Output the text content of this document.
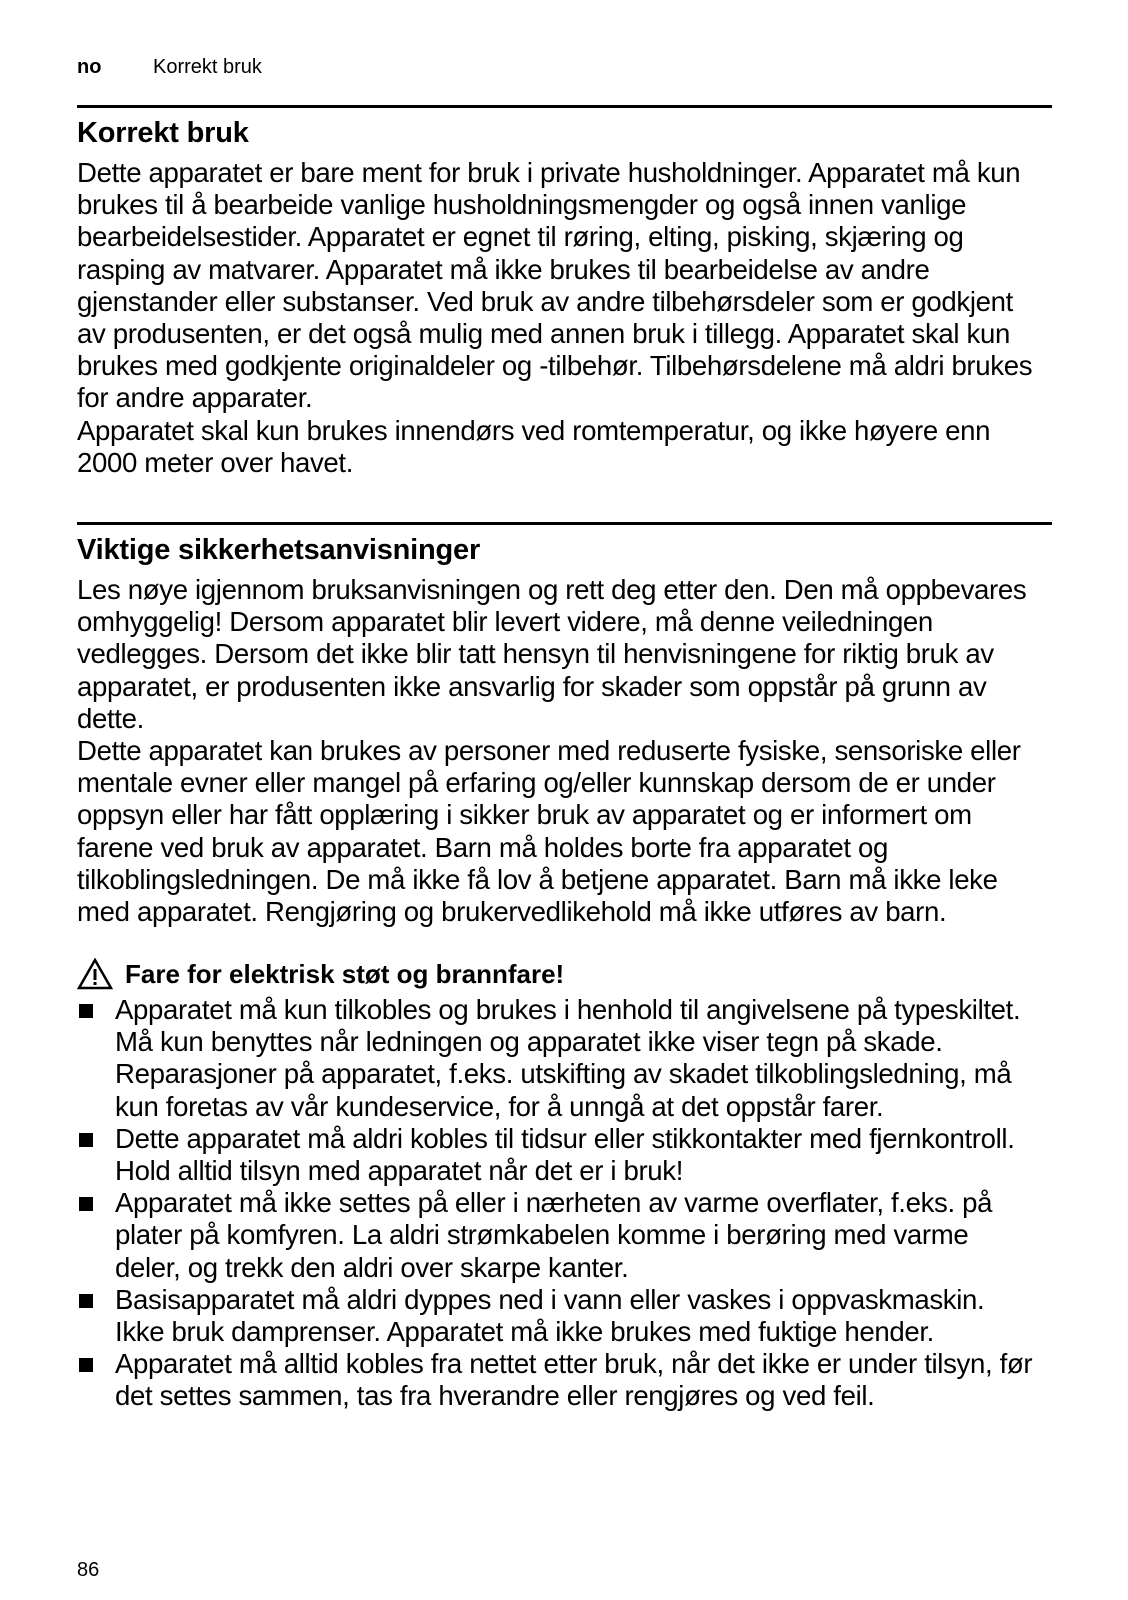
no	Korrekt bruk
Korrekt bruk

Dette apparatet er bare ment for bruk i private husholdninger. Apparatet må kun brukes til å bearbeide vanlige husholdningsmengder og også innen vanlige bearbeidelsestider. Apparatet er egnet til røring, elting, pisking, skjæring og rasping av matvarer. Apparatet må ikke brukes til bearbeidelse av andre gjenstander eller substanser. Ved bruk av andre tilbehørsdeler som er godkjent av produsenten, er det også mulig med annen bruk i tillegg. Apparatet skal kun brukes med godkjente originaldeler og -tilbehør. Tilbehørsdelene må aldri brukes for andre apparater.

Apparatet skal kun brukes innendørs ved romtemperatur, og ikke høyere enn 2000 meter over havet.

Viktige sikkerhetsanvisninger

Les nøye igjennom bruksanvisningen og rett deg etter den. Den må oppbevares omhyggelig! Dersom apparatet blir levert videre, må denne veiledningen vedlegges. Dersom det ikke blir tatt hensyn til henvisningene for riktig bruk av apparatet, er produsenten ikke ansvarlig for skader som oppstår på grunn av dette.

Dette apparatet kan brukes av personer med reduserte fysiske, sensoriske eller mentale evner eller mangel på erfaring og/eller kunnskap dersom de er under oppsyn eller har fått opplæring i sikker bruk av apparatet og er informert om farene ved bruk av apparatet. Barn må holdes borte fra apparatet og tilkoblingsledningen. De må ikke få lov å betjene apparatet. Barn må ikke leke med apparatet. Rengjøring og brukervedlikehold må ikke utføres av barn.

Fare for elektrisk støt og brannfare!
Apparatet må kun tilkobles og brukes i henhold til angivelsene på typeskiltet. Må kun benyttes når ledningen og apparatet ikke viser tegn på skade. Reparasjoner på apparatet, f.eks. utskifting av skadet tilkoblingsledning, må kun foretas av vår kundeservice, for å unngå at det oppstår farer.
Dette apparatet må aldri kobles til tidsur eller stikkontakter med fjernkontroll. Hold alltid tilsyn med apparatet når det er i bruk!
Apparatet må ikke settes på eller i nærheten av varme overflater, f.eks. på plater på komfyren. La aldri strømkabelen komme i berøring med varme deler, og trekk den aldri over skarpe kanter.
Basisapparatet må aldri dyppes ned i vann eller vaskes i oppvaskmaskin. Ikke bruk damprenser. Apparatet må ikke brukes med fuktige hender.
Apparatet må alltid kobles fra nettet etter bruk, når det ikke er under tilsyn, før det settes sammen, tas fra hverandre eller rengjøres og ved feil.
86
